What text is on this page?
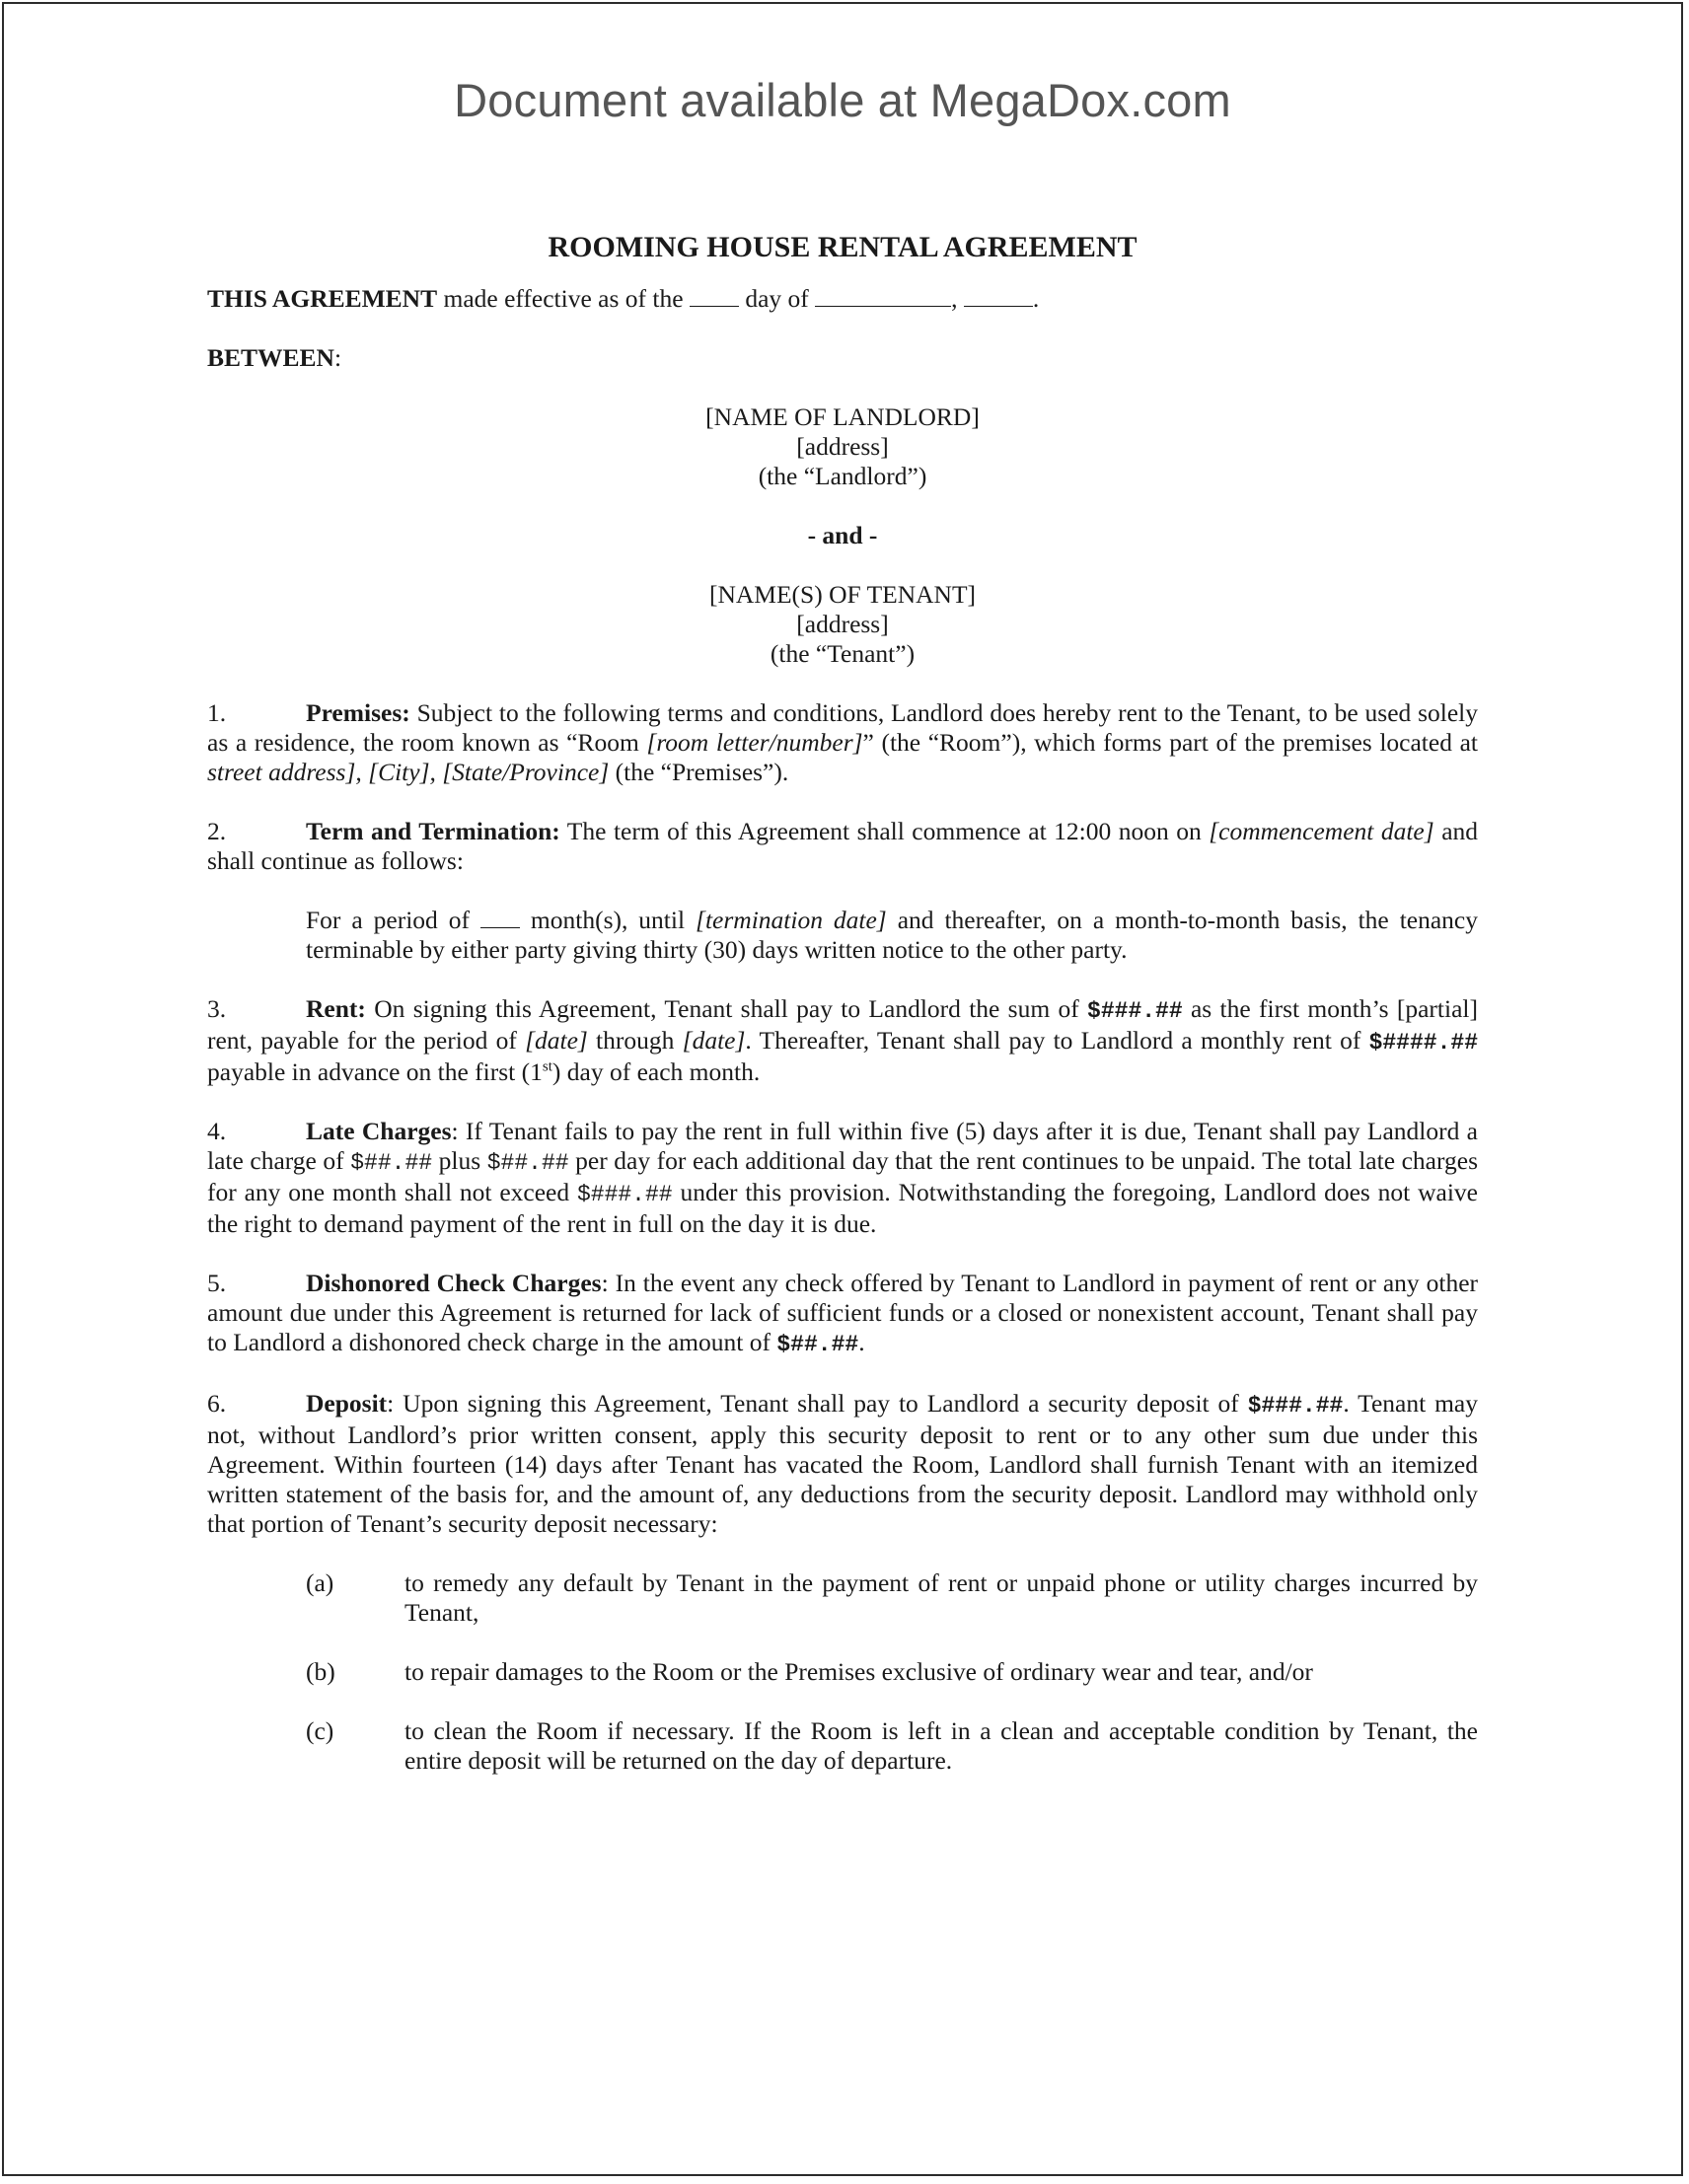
Document available at MegaDox.com

ROOMING HOUSE RENTAL AGREEMENT

THIS AGREEMENT made effective as of the  day of	,	.

BETWEEN:

[NAME OF LANDLORD]

[address]

(the “Landlord”)

- and -

[NAME(S) OF TENANT]

[address]

(the “Tenant”)

1.	Premises: Subject to the following terms and conditions, Landlord does hereby rent to the Tenant, to be used solely as a residence, the room known as “Room [room letter/number]” (the “Room”), which forms part of the premises located at street address], [City], [State/Province] (the “Premises”).

2.	Term and Termination: The term of this Agreement shall commence at 12:00 noon on [commencement date] and shall continue as follows:

For a period of  month(s), until [termination date] and thereafter, on a month-to-month basis, the tenancy terminable by either party giving thirty (30) days written notice to the other party.

3.	Rent: On signing this Agreement, Tenant shall pay to Landlord the sum of $###.## as the first month’s [partial] rent, payable for the period of [date] through [date]. Thereafter, Tenant shall pay to Landlord a monthly rent of $####.## payable in advance on the first (1st) day of each month.

4.	Late Charges: If Tenant fails to pay the rent in full within five (5) days after it is due, Tenant shall pay Landlord a late charge of $##.## plus $##.## per day for each additional day that the rent continues to be unpaid. The total late charges for any one month shall not exceed $###.## under this provision. Notwithstanding the foregoing, Landlord does not waive the right to demand payment of the rent in full on the day it is due.

5.	Dishonored Check Charges: In the event any check offered by Tenant to Landlord in payment of rent or any other amount due under this Agreement is returned for lack of sufficient funds or a closed or nonexistent account, Tenant shall pay to Landlord a dishonored check charge in the amount of $##.##.

6.	Deposit: Upon signing this Agreement, Tenant shall pay to Landlord a security deposit of $###.##. Tenant may not, without Landlord’s prior written consent, apply this security deposit to rent or to any other sum due under this Agreement. Within fourteen (14) days after Tenant has vacated the Room, Landlord shall furnish Tenant with an itemized written statement of the basis for, and the amount of, any deductions from the security deposit. Landlord may withhold only that portion of Tenant’s security deposit necessary:

(a)	to remedy any default by Tenant in the payment of rent or unpaid phone or utility charges incurred by Tenant,
(b)	to repair damages to the Room or the Premises exclusive of ordinary wear and tear, and/or
(c)	to clean the Room if necessary. If the Room is left in a clean and acceptable condition by Tenant, the entire deposit will be returned on the day of departure.
